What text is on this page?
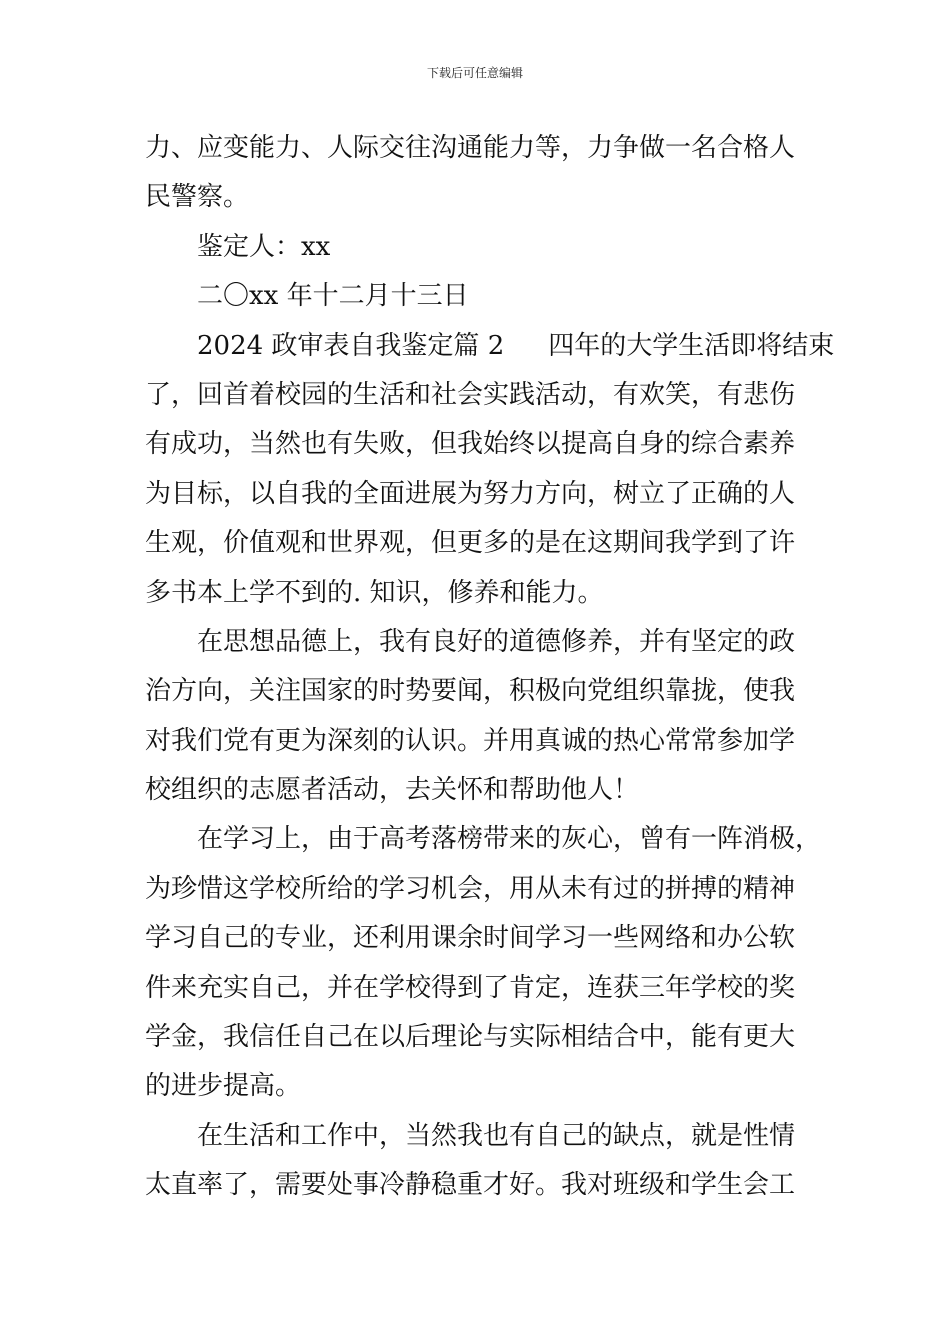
下载后可任意编辑
力、应变能力、人际交往沟通能力等，力争做一名合格人
民警察。
鉴定人：xx
二〇xx 年十二月十三日
2024 政审表自我鉴定篇 2 四年的大学生活即将结束
了，回首着校园的生活和社会实践活动，有欢笑，有悲伤
有成功，当然也有失败，但我始终以提高自身的综合素养
为目标，以自我的全面进展为努力方向，树立了正确的人
生观，价值观和世界观，但更多的是在这期间我学到了许
多书本上学不到的. 知识，修养和能力。
在思想品德上，我有良好的道德修养，并有坚定的政
治方向，关注国家的时势要闻，积极向党组织靠拢，使我
对我们党有更为深刻的认识。并用真诚的热心常常参加学
校组织的志愿者活动，去关怀和帮助他人！
在学习上，由于高考落榜带来的灰心，曾有一阵消极，
为珍惜这学校所给的学习机会，用从未有过的拼搏的精神
学习自己的专业，还利用课余时间学习一些网络和办公软
件来充实自己，并在学校得到了肯定，连获三年学校的奖
学金，我信任自己在以后理论与实际相结合中，能有更大
的进步提高。
在生活和工作中，当然我也有自己的缺点，就是性情
太直率了，需要处事冷静稳重才好。我对班级和学生会工
